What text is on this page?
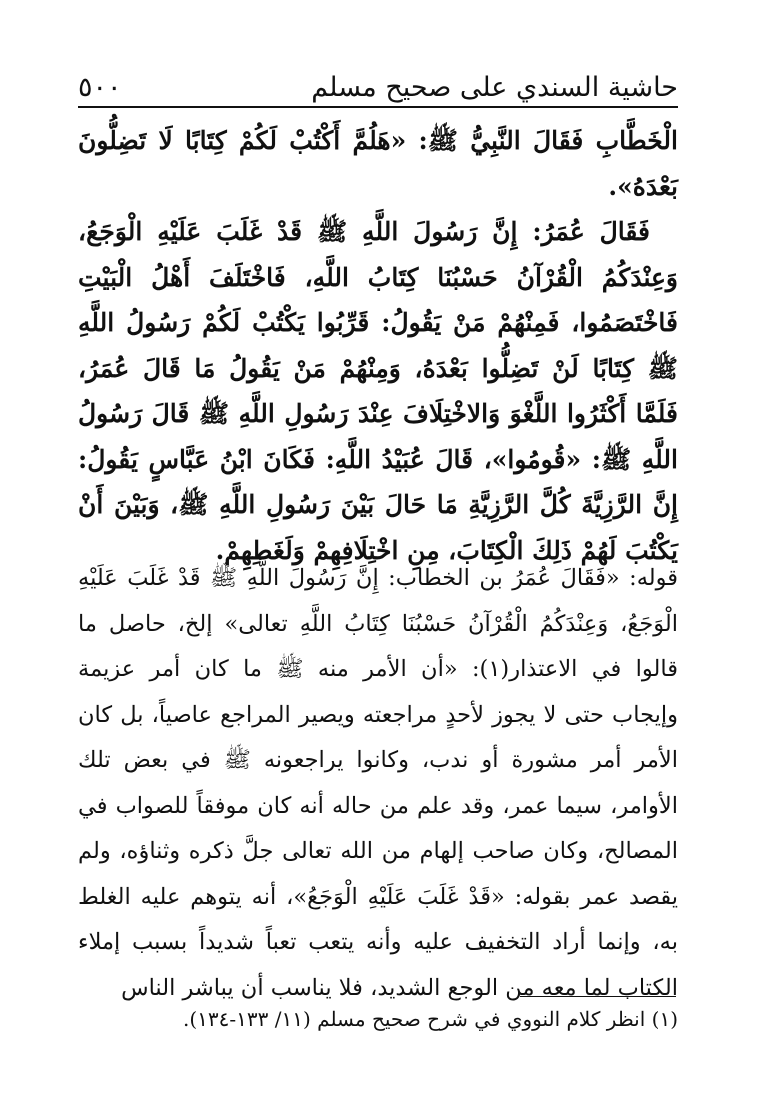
حاشية السندي على صحيح مسلم
٥٠٠

الْخَطَّابِ فَقَالَ النَّبِيُّ ﷺ: «هَلُمَّ أَكْتُبْ لَكُمْ كِتَابًا لَا تَضِلُّونَ بَعْدَهُ».

فَقَالَ عُمَرُ: إِنَّ رَسُولَ اللَّهِ ﷺ قَدْ غَلَبَ عَلَيْهِ الْوَجَعُ، وَعِنْدَكُمُ الْقُرْآنُ حَسْبُنَا كِتَابُ اللَّهِ، فَاخْتَلَفَ أَهْلُ الْبَيْتِ فَاخْتَصَمُوا، فَمِنْهُمْ مَنْ يَقُولُ: قَرِّبُوا يَكْتُبْ لَكُمْ رَسُولُ اللَّهِ ﷺ كِتَابًا لَنْ تَضِلُّوا بَعْدَهُ، وَمِنْهُمْ مَنْ يَقُولُ مَا قَالَ عُمَرُ، فَلَمَّا أَكْثَرُوا اللَّغْوَ وَالاخْتِلَافَ عِنْدَ رَسُولِ اللَّهِ ﷺ قَالَ رَسُولُ اللَّهِ ﷺ: «قُومُوا»، قَالَ عُبَيْدُ اللَّهِ: فَكَانَ ابْنُ عَبَّاسٍ يَقُولُ: إِنَّ الرَّزِيَّةَ كُلَّ الرَّزِيَّةِ مَا حَالَ بَيْنَ رَسُولِ اللَّهِ ﷺ، وَبَيْنَ أَنْ يَكْتُبَ لَهُمْ ذَلِكَ الْكِتَابَ، مِنِ اخْتِلَافِهِمْ وَلَغَطِهِمْ.

قوله: «فَقَالَ عُمَرُ بن الخطاب: إِنَّ رَسُولَ اللَّهِ ﷺ قَدْ غَلَبَ عَلَيْهِ الْوَجَعُ، وَعِنْدَكُمُ الْقُرْآنُ حَسْبُنَا كِتَابُ اللَّهِ تعالى» إلخ، حاصل ما قالوا في الاعتذار(١): «أن الأمر منه ﷺ ما كان أمر عزيمة وإيجاب حتى لا يجوز لأحدٍ مراجعته ويصير المراجع عاصياً، بل كان الأمر أمر مشورة أو ندب، وكانوا يراجعونه ﷺ في بعض تلك الأوامر، سيما عمر، وقد علم من حاله أنه كان موفقاً للصواب في المصالح، وكان صاحب إلهام من الله تعالى جلَّ ذكره وثناؤه، ولم يقصد عمر بقوله: «قَدْ غَلَبَ عَلَيْهِ الْوَجَعُ»، أنه يتوهم عليه الغلط به، وإنما أراد التخفيف عليه وأنه يتعب تعباً شديداً بسبب إملاء الكتاب لما معه من الوجع الشديد، فلا يناسب أن يباشر الناس

(١) انظر كلام النووي في شرح صحيح مسلم (١١/ ١٣٣-١٣٤).
